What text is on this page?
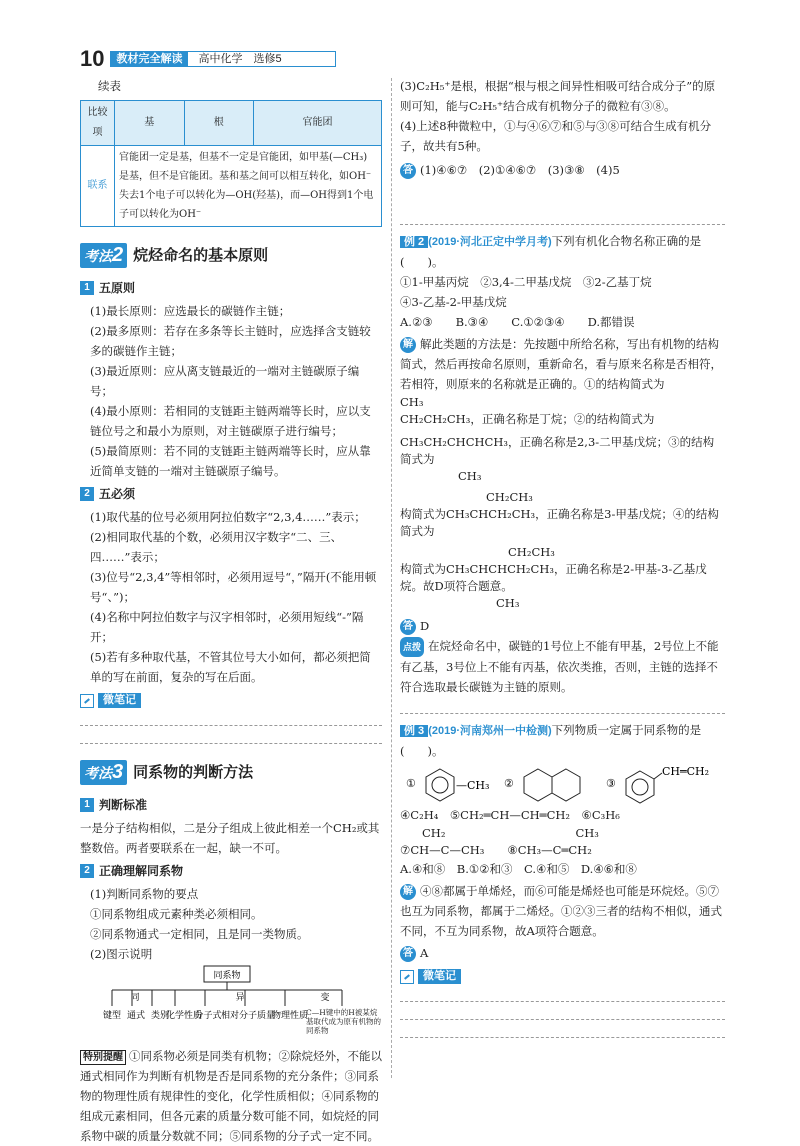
10	教材完全解读	高中化学　选修5
续表
比较项	基	根	官能团
联系	官能团一定是基，但基不一定是官能团，如甲基(—CH₃)是基，但不是官能团。基和基之间可以相互转化，如OH⁻失去1个电子可以转化为—OH(羟基)，而—OH得到1个电子可以转化为OH⁻		
考法2 烷烃命名的基本原则
1 五原则

(1)最长原则：应选最长的碳链作主链；

(2)最多原则：若存在多条等长主链时，应选择含支链较多的碳链作主链；

(3)最近原则：应从离支链最近的一端对主链碳原子编号；

(4)最小原则：若相同的支链距主链两端等长时，应以支链位号之和最小为原则，对主链碳原子进行编号；

(5)最简原则：若不同的支链距主链两端等长时，应从靠近简单支链的一端对主链碳原子编号。

2 五必须

(1)取代基的位号必须用阿拉伯数字“2,3,4……”表示；

(2)相同取代基的个数，必须用汉字数字“二、三、四……”表示；

(3)位号“2,3,4”等相邻时，必须用逗号“，”隔开(不能用顿号“、”)；

(4)名称中阿拉伯数字与汉字相邻时，必须用短线“-”隔开；

(5)若有多种取代基，不管其位号大小如何，都必须把简单的写在前面，复杂的写在后面。

微笔记
考法3 同系物的判断方法
1 判断标准

一是分子结构相似，二是分子组成上彼此相差一个CH₂或其整数倍。两者要联系在一起，缺一不可。

2 正确理解同系物

(1)判断同系物的要点

①同系物组成元素种类必须相同。

②同系物通式一定相同，且是同一类物质。

(2)图示说明

同系物
同	异	变
键型 通式 类别
化学性质
分子式 相对分子质量
物理性质
C—H键中的H被某烷基取代成为原有机物的同系物

特别提醒 ①同系物必须是同类有机物；②除烷烃外，不能以通式相同作为判断有机物是否是同系物的充分条件；③同系物的物理性质有规律性的变化，化学性质相似；④同系物的组成元素相同，但各元素的质量分数可能不同，如烷烃的同系物中碳的质量分数就不同；⑤同系物的分子式一定不同。

(3)C₂H₅⁺是根，根据“根与根之间异性相吸可结合成分子”的原则可知，能与C₂H₅⁺结合成有机物分子的微粒有③⑧。

(4)上述8种微粒中，①与④⑥⑦和⑤与③⑧可结合生成有机分子，故共有5种。

答 (1)④⑥⑦　(2)①④⑥⑦　(3)③⑧　(4)5

例 2 (2019·河北正定中学月考)下列有机化合物名称正确的是(　　)。

①1-甲基丙烷　②3,4-二甲基戊烷　③2-乙基丁烷

④3-乙基-2-甲基戊烷

A.②③　　B.③④　　C.①②③④　　D.都错误

解 解此类题的方法是：先按题中所给名称，写出有机物的结构简式，然后再按命名原则，重新命名，看与原来名称是否相符，若相符，则原来的名称就是正确的。①的结构简式为

CH₃
CH₂CH₂CH₃，正确名称是丁烷；②的结构简式为
CH₃CH₂CHCHCH₃，正确名称是2,3-二甲基戊烷；③的结构简式为
CH₃
CH₂CH₃
构简式为CH₃CHCH₂CH₃，正确名称是3-甲基戊烷；④的结构简式为
CH₂CH₃
构简式为CH₃CHCHCH₂CH₃，正确名称是2-甲基-3-乙基戊烷。故D项符合题意。
CH₃

答 D

点拨 在烷烃命名中，碳链的1号位上不能有甲基，2号位上不能有乙基，3号位上不能有丙基，依次类推，否则，主链的选择不符合选取最长碳链为主链的原则。

例 3 (2019·河南郑州一中检测)下列物质一定属于同系物的是(　　)。

①	—CH₃ ②	③
CH═CH₂

④C₂H₄　⑤CH₂═CH—CH═CH₂　⑥C₃H₆

CH₂	CH₃
⑦CH—C—CH₃　　 ⑧CH₃—C═CH₂

A.④和⑧　B.①②和③　C.④和⑤　D.④⑥和⑧

解 ④⑧都属于单烯烃，而⑥可能是烯烃也可能是环烷烃。⑤⑦也互为同系物，都属于二烯烃。①②③三者的结构不相似，通式不同，不互为同系物，故A项符合题意。

答 A

微笔记
